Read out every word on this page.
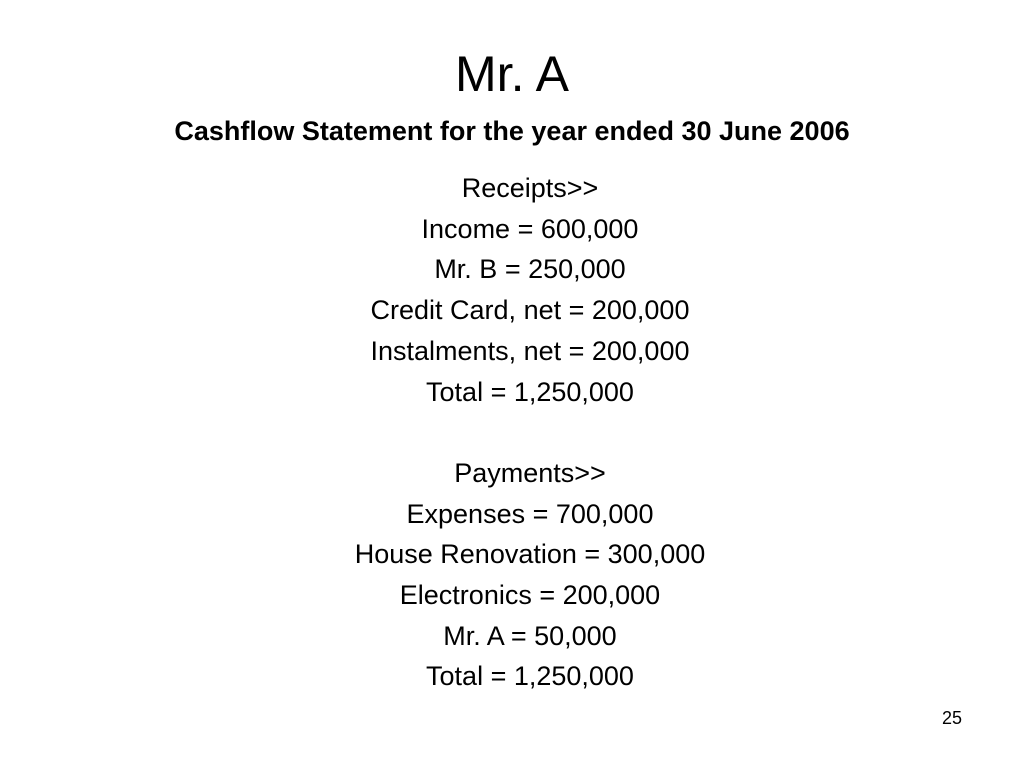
Mr. A
Cashflow Statement for the year ended 30 June 2006
Receipts>>
Income = 600,000
Mr. B = 250,000
Credit Card, net = 200,000
Instalments, net = 200,000
Total = 1,250,000
Payments>>
Expenses = 700,000
House Renovation = 300,000
Electronics = 200,000
Mr. A = 50,000
Total = 1,250,000
25
